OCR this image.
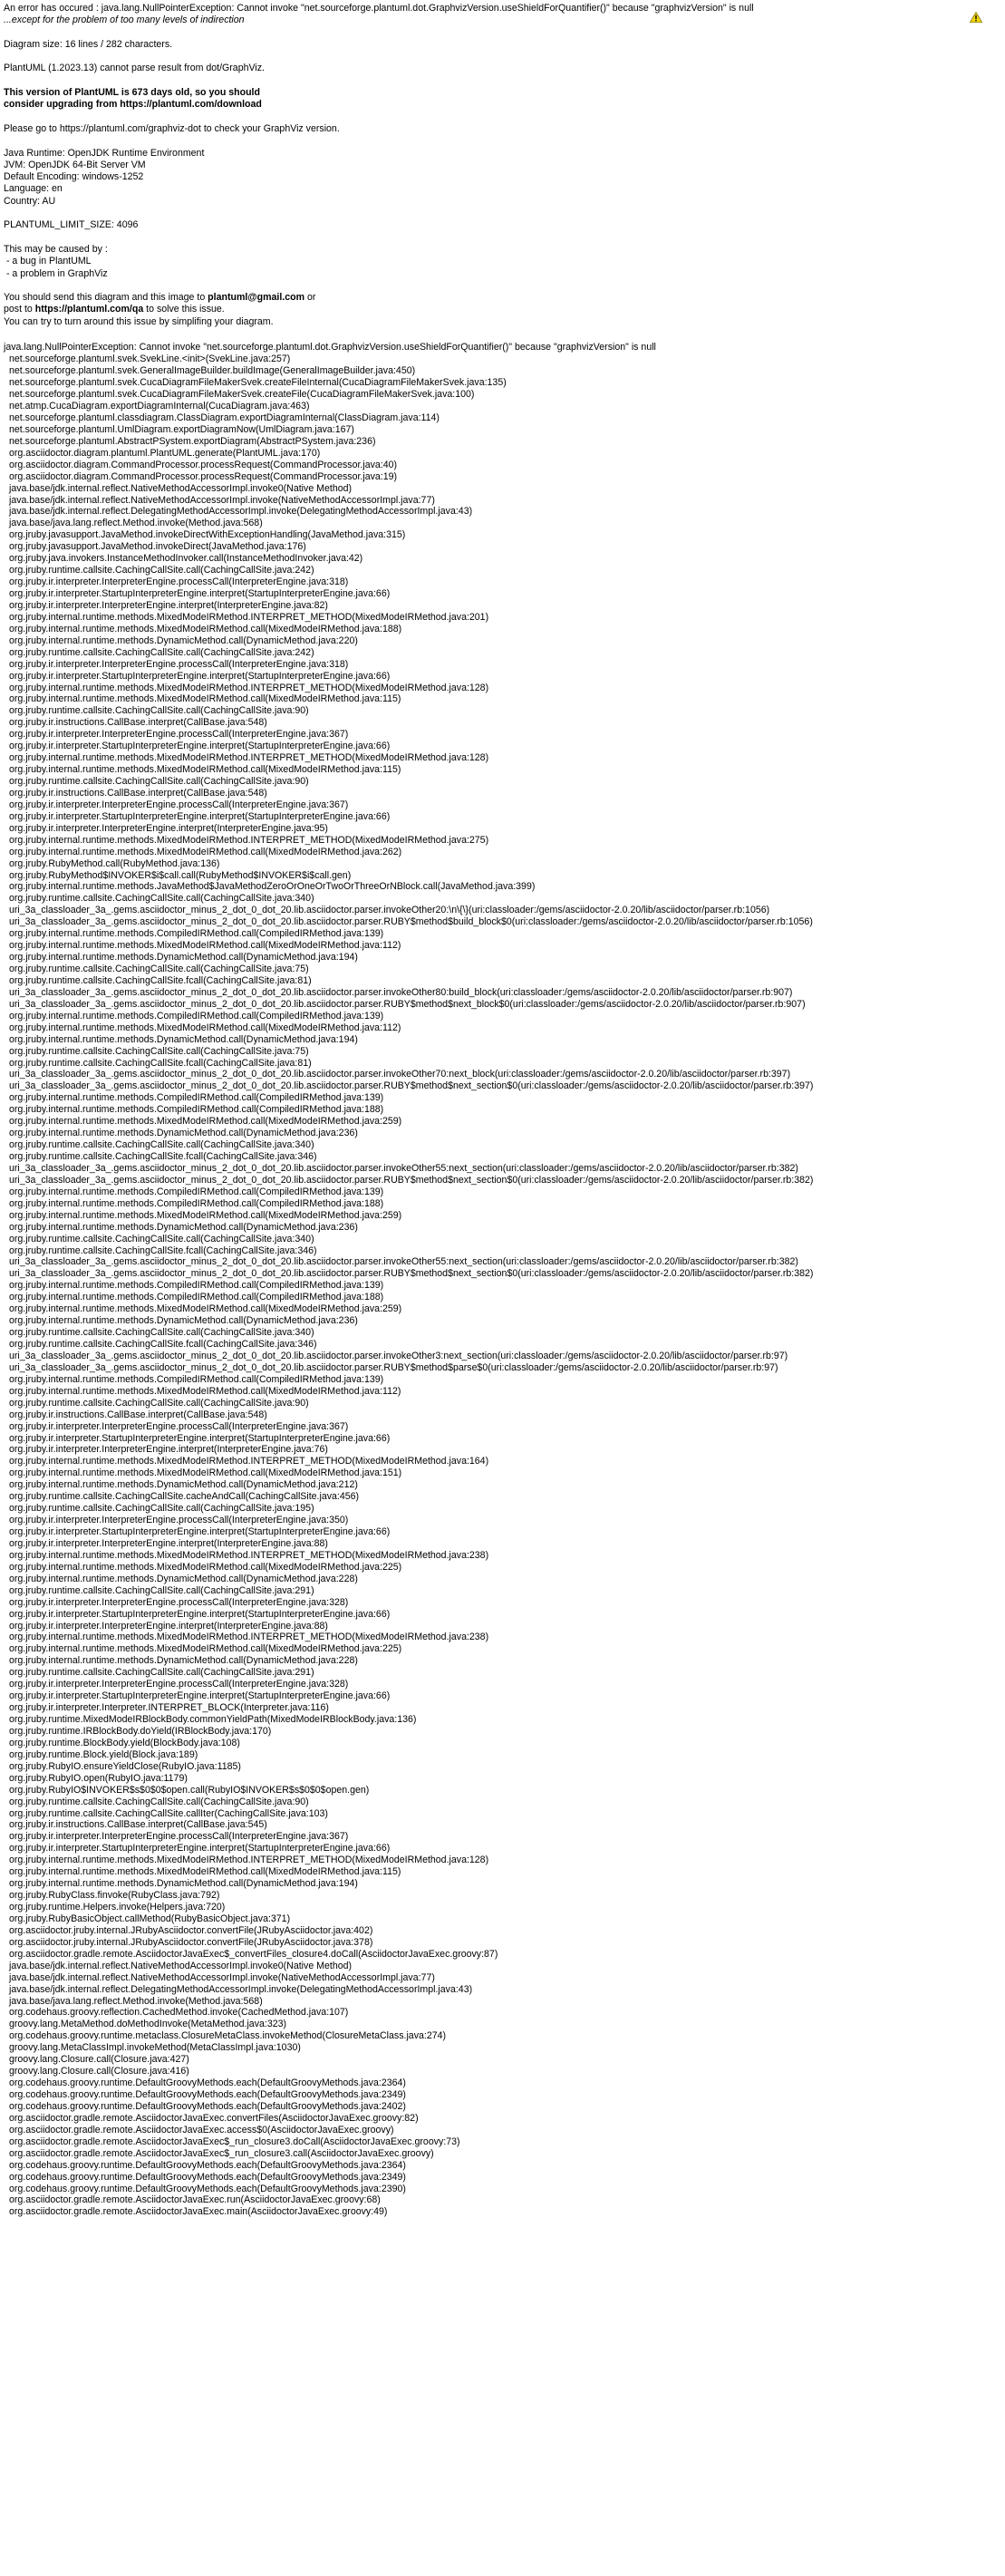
An error has occured : java.lang.NullPointerException: Cannot invoke "net.sourceforge.plantuml.dot.GraphvizVersion.useShieldForQuantifier()" because "graphvizVersion" is null
...except for the problem of too many levels of indirection
Diagram size: 16 lines / 282 characters.
PlantUML (1.2023.13) cannot parse result from dot/GraphViz.
This version of PlantUML is 673 days old, so you should
consider upgrading from https://plantuml.com/download
Please go to https://plantuml.com/graphviz-dot to check your GraphViz version.
Java Runtime: OpenJDK Runtime Environment
JVM: OpenJDK 64-Bit Server VM
Default Encoding: windows-1252
Language: en
Country: AU
PLANTUML_LIMIT_SIZE: 4096
This may be caused by :
- a bug in PlantUML
- a problem in GraphViz
You should send this diagram and this image to plantuml@gmail.com or
post to https://plantuml.com/qa to solve this issue.
You can try to turn around this issue by simplifing your diagram.
java.lang.NullPointerException: Cannot invoke "net.sourceforge.plantuml.dot.GraphvizVersion.useShieldForQuantifier()" because "graphvizVersion" is null
net.sourceforge.plantuml.svek.SvekLine.<init>(SvekLine.java:257)
net.sourceforge.plantuml.svek.GeneralImageBuilder.buildImage(GeneralImageBuilder.java:450)
net.sourceforge.plantuml.svek.CucaDiagramFileMakerSvek.createFileInternal(CucaDiagramFileMakerSvek.java:135)
net.sourceforge.plantuml.svek.CucaDiagramFileMakerSvek.createFile(CucaDiagramFileMakerSvek.java:100)
net.atmp.CucaDiagram.exportDiagramInternal(CucaDiagram.java:463)
net.sourceforge.plantuml.classdiagram.ClassDiagram.exportDiagramInternal(ClassDiagram.java:114)
net.sourceforge.plantuml.UmlDiagram.exportDiagramNow(UmlDiagram.java:167)
net.sourceforge.plantuml.AbstractPSystem.exportDiagram(AbstractPSystem.java:236)
org.asciidoctor.diagram.plantuml.PlantUML.generate(PlantUML.java:170)
org.asciidoctor.diagram.CommandProcessor.processRequest(CommandProcessor.java:40)
org.asciidoctor.diagram.CommandProcessor.processRequest(CommandProcessor.java:19)
java.base/jdk.internal.reflect.NativeMethodAccessorImpl.invoke0(Native Method)
java.base/jdk.internal.reflect.NativeMethodAccessorImpl.invoke(NativeMethodAccessorImpl.java:77)
java.base/jdk.internal.reflect.DelegatingMethodAccessorImpl.invoke(DelegatingMethodAccessorImpl.java:43)
java.base/java.lang.reflect.Method.invoke(Method.java:568)
org.jruby.javasupport.JavaMethod.invokeDirectWithExceptionHandling(JavaMethod.java:315)
org.jruby.javasupport.JavaMethod.invokeDirect(JavaMethod.java:176)
org.jruby.java.invokers.InstanceMethodInvoker.call(InstanceMethodInvoker.java:42)
org.jruby.runtime.callsite.CachingCallSite.call(CachingCallSite.java:242)
org.jruby.ir.interpreter.InterpreterEngine.processCall(InterpreterEngine.java:318)
org.jruby.ir.interpreter.StartupInterpreterEngine.interpret(StartupInterpreterEngine.java:66)
org.jruby.ir.interpreter.InterpreterEngine.interpret(InterpreterEngine.java:82)
org.jruby.internal.runtime.methods.MixedModeIRMethod.INTERPRET_METHOD(MixedModeIRMethod.java:201)
org.jruby.internal.runtime.methods.MixedModeIRMethod.call(MixedModeIRMethod.java:188)
org.jruby.internal.runtime.methods.DynamicMethod.call(DynamicMethod.java:220)
org.jruby.runtime.callsite.CachingCallSite.call(CachingCallSite.java:242)
org.jruby.ir.interpreter.InterpreterEngine.processCall(InterpreterEngine.java:318)
org.jruby.ir.interpreter.StartupInterpreterEngine.interpret(StartupInterpreterEngine.java:66)
org.jruby.internal.runtime.methods.MixedModeIRMethod.INTERPRET_METHOD(MixedModeIRMethod.java:128)
org.jruby.internal.runtime.methods.MixedModeIRMethod.call(MixedModeIRMethod.java:115)
org.jruby.runtime.callsite.CachingCallSite.call(CachingCallSite.java:90)
org.jruby.ir.instructions.CallBase.interpret(CallBase.java:548)
org.jruby.ir.interpreter.InterpreterEngine.processCall(InterpreterEngine.java:367)
org.jruby.ir.interpreter.StartupInterpreterEngine.interpret(StartupInterpreterEngine.java:66)
org.jruby.internal.runtime.methods.MixedModeIRMethod.INTERPRET_METHOD(MixedModeIRMethod.java:128)
org.jruby.internal.runtime.methods.MixedModeIRMethod.call(MixedModeIRMethod.java:115)
org.jruby.runtime.callsite.CachingCallSite.call(CachingCallSite.java:90)
org.jruby.ir.instructions.CallBase.interpret(CallBase.java:548)
org.jruby.ir.interpreter.InterpreterEngine.processCall(InterpreterEngine.java:367)
org.jruby.ir.interpreter.StartupInterpreterEngine.interpret(StartupInterpreterEngine.java:66)
org.jruby.ir.interpreter.InterpreterEngine.interpret(InterpreterEngine.java:95)
org.jruby.internal.runtime.methods.MixedModeIRMethod.INTERPRET_METHOD(MixedModeIRMethod.java:275)
org.jruby.internal.runtime.methods.MixedModeIRMethod.call(MixedModeIRMethod.java:262)
org.jruby.RubyMethod.call(RubyMethod.java:136)
org.jruby.RubyMethod$INVOKER$i$call.call(RubyMethod$INVOKER$i$call.gen)
org.jruby.internal.runtime.methods.JavaMethod$JavaMethodZeroOrOneOrTwoOrThreeOrNBlock.call(JavaMethod.java:399)
org.jruby.runtime.callsite.CachingCallSite.call(CachingCallSite.java:340)
uri_3a_classloader_3a_.gems.asciidoctor_minus_2_dot_0_dot_20.lib.asciidoctor.parser.invokeOther20:\n\{\}(uri:classloader:/gems/asciidoctor-2.0.20/lib/asciidoctor/parser.rb:1056)
uri_3a_classloader_3a_.gems.asciidoctor_minus_2_dot_0_dot_20.lib.asciidoctor.parser.RUBY$method$build_block$0(uri:classloader:/gems/asciidoctor-2.0.20/lib/asciidoctor/parser.rb:1056)
org.jruby.internal.runtime.methods.CompiledIRMethod.call(CompiledIRMethod.java:139)
org.jruby.internal.runtime.methods.MixedModeIRMethod.call(MixedModeIRMethod.java:112)
org.jruby.internal.runtime.methods.DynamicMethod.call(DynamicMethod.java:194)
org.jruby.runtime.callsite.CachingCallSite.call(CachingCallSite.java:75)
org.jruby.runtime.callsite.CachingCallSite.fcall(CachingCallSite.java:81)
uri_3a_classloader_3a_.gems.asciidoctor_minus_2_dot_0_dot_20.lib.asciidoctor.parser.invokeOther80:build_block(uri:classloader:/gems/asciidoctor-2.0.20/lib/asciidoctor/parser.rb:907)
uri_3a_classloader_3a_.gems.asciidoctor_minus_2_dot_0_dot_20.lib.asciidoctor.parser.RUBY$method$next_block$0(uri:classloader:/gems/asciidoctor-2.0.20/lib/asciidoctor/parser.rb:907)
org.jruby.internal.runtime.methods.CompiledIRMethod.call(CompiledIRMethod.java:139)
org.jruby.internal.runtime.methods.MixedModeIRMethod.call(MixedModeIRMethod.java:112)
org.jruby.internal.runtime.methods.DynamicMethod.call(DynamicMethod.java:194)
org.jruby.runtime.callsite.CachingCallSite.call(CachingCallSite.java:75)
org.jruby.runtime.callsite.CachingCallSite.fcall(CachingCallSite.java:81)
uri_3a_classloader_3a_.gems.asciidoctor_minus_2_dot_0_dot_20.lib.asciidoctor.parser.invokeOther70:next_block(uri:classloader:/gems/asciidoctor-2.0.20/lib/asciidoctor/parser.rb:397)
uri_3a_classloader_3a_.gems.asciidoctor_minus_2_dot_0_dot_20.lib.asciidoctor.parser.RUBY$method$next_section$0(uri:classloader:/gems/asciidoctor-2.0.20/lib/asciidoctor/parser.rb:397)
org.jruby.internal.runtime.methods.CompiledIRMethod.call(CompiledIRMethod.java:139)
org.jruby.internal.runtime.methods.CompiledIRMethod.call(CompiledIRMethod.java:188)
org.jruby.internal.runtime.methods.MixedModeIRMethod.call(MixedModeIRMethod.java:259)
org.jruby.internal.runtime.methods.DynamicMethod.call(DynamicMethod.java:236)
org.jruby.runtime.callsite.CachingCallSite.call(CachingCallSite.java:340)
org.jruby.runtime.callsite.CachingCallSite.fcall(CachingCallSite.java:346)
uri_3a_classloader_3a_.gems.asciidoctor_minus_2_dot_0_dot_20.lib.asciidoctor.parser.invokeOther55:next_section(uri:classloader:/gems/asciidoctor-2.0.20/lib/asciidoctor/parser.rb:382)
uri_3a_classloader_3a_.gems.asciidoctor_minus_2_dot_0_dot_20.lib.asciidoctor.parser.RUBY$method$next_section$0(uri:classloader:/gems/asciidoctor-2.0.20/lib/asciidoctor/parser.rb:382)
org.jruby.internal.runtime.methods.CompiledIRMethod.call(CompiledIRMethod.java:139)
org.jruby.internal.runtime.methods.CompiledIRMethod.call(CompiledIRMethod.java:188)
org.jruby.internal.runtime.methods.MixedModeIRMethod.call(MixedModeIRMethod.java:259)
org.jruby.internal.runtime.methods.DynamicMethod.call(DynamicMethod.java:236)
org.jruby.runtime.callsite.CachingCallSite.call(CachingCallSite.java:340)
org.jruby.runtime.callsite.CachingCallSite.fcall(CachingCallSite.java:346)
uri_3a_classloader_3a_.gems.asciidoctor_minus_2_dot_0_dot_20.lib.asciidoctor.parser.invokeOther55:next_section(uri:classloader:/gems/asciidoctor-2.0.20/lib/asciidoctor/parser.rb:382)
uri_3a_classloader_3a_.gems.asciidoctor_minus_2_dot_0_dot_20.lib.asciidoctor.parser.RUBY$method$next_section$0(uri:classloader:/gems/asciidoctor-2.0.20/lib/asciidoctor/parser.rb:382)
org.jruby.internal.runtime.methods.CompiledIRMethod.call(CompiledIRMethod.java:139)
org.jruby.internal.runtime.methods.CompiledIRMethod.call(CompiledIRMethod.java:188)
org.jruby.internal.runtime.methods.MixedModeIRMethod.call(MixedModeIRMethod.java:259)
org.jruby.internal.runtime.methods.DynamicMethod.call(DynamicMethod.java:236)
org.jruby.runtime.callsite.CachingCallSite.call(CachingCallSite.java:340)
org.jruby.runtime.callsite.CachingCallSite.fcall(CachingCallSite.java:346)
uri_3a_classloader_3a_.gems.asciidoctor_minus_2_dot_0_dot_20.lib.asciidoctor.parser.invokeOther3:next_section(uri:classloader:/gems/asciidoctor-2.0.20/lib/asciidoctor/parser.rb:97)
uri_3a_classloader_3a_.gems.asciidoctor_minus_2_dot_0_dot_20.lib.asciidoctor.parser.RUBY$method$parse$0(uri:classloader:/gems/asciidoctor-2.0.20/lib/asciidoctor/parser.rb:97)
org.jruby.internal.runtime.methods.CompiledIRMethod.call(CompiledIRMethod.java:139)
org.jruby.internal.runtime.methods.MixedModeIRMethod.call(MixedModeIRMethod.java:112)
org.jruby.runtime.callsite.CachingCallSite.call(CachingCallSite.java:90)
org.jruby.ir.instructions.CallBase.interpret(CallBase.java:548)
org.jruby.ir.interpreter.InterpreterEngine.processCall(InterpreterEngine.java:367)
org.jruby.ir.interpreter.StartupInterpreterEngine.interpret(StartupInterpreterEngine.java:66)
org.jruby.ir.interpreter.InterpreterEngine.interpret(InterpreterEngine.java:76)
org.jruby.internal.runtime.methods.MixedModeIRMethod.INTERPRET_METHOD(MixedModeIRMethod.java:164)
org.jruby.internal.runtime.methods.MixedModeIRMethod.call(MixedModeIRMethod.java:151)
org.jruby.internal.runtime.methods.DynamicMethod.call(DynamicMethod.java:212)
org.jruby.runtime.callsite.CachingCallSite.cacheAndCall(CachingCallSite.java:456)
org.jruby.runtime.callsite.CachingCallSite.call(CachingCallSite.java:195)
org.jruby.ir.interpreter.InterpreterEngine.processCall(InterpreterEngine.java:350)
org.jruby.ir.interpreter.StartupInterpreterEngine.interpret(StartupInterpreterEngine.java:66)
org.jruby.ir.interpreter.InterpreterEngine.interpret(InterpreterEngine.java:88)
org.jruby.internal.runtime.methods.MixedModeIRMethod.INTERPRET_METHOD(MixedModeIRMethod.java:238)
org.jruby.internal.runtime.methods.MixedModeIRMethod.call(MixedModeIRMethod.java:225)
org.jruby.internal.runtime.methods.DynamicMethod.call(DynamicMethod.java:228)
org.jruby.runtime.callsite.CachingCallSite.call(CachingCallSite.java:291)
org.jruby.ir.interpreter.InterpreterEngine.processCall(InterpreterEngine.java:328)
org.jruby.ir.interpreter.StartupInterpreterEngine.interpret(StartupInterpreterEngine.java:66)
org.jruby.ir.interpreter.InterpreterEngine.interpret(InterpreterEngine.java:88)
org.jruby.internal.runtime.methods.MixedModeIRMethod.INTERPRET_METHOD(MixedModeIRMethod.java:238)
org.jruby.internal.runtime.methods.MixedModeIRMethod.call(MixedModeIRMethod.java:225)
org.jruby.internal.runtime.methods.DynamicMethod.call(DynamicMethod.java:228)
org.jruby.runtime.callsite.CachingCallSite.call(CachingCallSite.java:291)
org.jruby.ir.interpreter.InterpreterEngine.processCall(InterpreterEngine.java:328)
org.jruby.ir.interpreter.StartupInterpreterEngine.interpret(StartupInterpreterEngine.java:66)
org.jruby.ir.interpreter.Interpreter.INTERPRET_BLOCK(Interpreter.java:116)
org.jruby.runtime.MixedModeIRBlockBody.commonYieldPath(MixedModeIRBlockBody.java:136)
org.jruby.runtime.IRBlockBody.doYield(IRBlockBody.java:170)
org.jruby.runtime.BlockBody.yield(BlockBody.java:108)
org.jruby.runtime.Block.yield(Block.java:189)
org.jruby.RubyIO.ensureYieldClose(RubyIO.java:1185)
org.jruby.RubyIO.open(RubyIO.java:1179)
org.jruby.RubyIO$INVOKER$s$0$0$open.call(RubyIO$INVOKER$s$0$0$open.gen)
org.jruby.runtime.callsite.CachingCallSite.call(CachingCallSite.java:90)
org.jruby.runtime.callsite.CachingCallSite.callIter(CachingCallSite.java:103)
org.jruby.ir.instructions.CallBase.interpret(CallBase.java:545)
org.jruby.ir.interpreter.InterpreterEngine.processCall(InterpreterEngine.java:367)
org.jruby.ir.interpreter.StartupInterpreterEngine.interpret(StartupInterpreterEngine.java:66)
org.jruby.internal.runtime.methods.MixedModeIRMethod.INTERPRET_METHOD(MixedModeIRMethod.java:128)
org.jruby.internal.runtime.methods.MixedModeIRMethod.call(MixedModeIRMethod.java:115)
org.jruby.internal.runtime.methods.DynamicMethod.call(DynamicMethod.java:194)
org.jruby.RubyClass.finvoke(RubyClass.java:792)
org.jruby.runtime.Helpers.invoke(Helpers.java:720)
org.jruby.RubyBasicObject.callMethod(RubyBasicObject.java:371)
org.asciidoctor.jruby.internal.JRubyAsciidoctor.convertFile(JRubyAsciidoctor.java:402)
org.asciidoctor.jruby.internal.JRubyAsciidoctor.convertFile(JRubyAsciidoctor.java:378)
org.asciidoctor.gradle.remote.AsciidoctorJavaExec$_convertFiles_closure4.doCall(AsciidoctorJavaExec.groovy:87)
java.base/jdk.internal.reflect.NativeMethodAccessorImpl.invoke0(Native Method)
java.base/jdk.internal.reflect.NativeMethodAccessorImpl.invoke(NativeMethodAccessorImpl.java:77)
java.base/jdk.internal.reflect.DelegatingMethodAccessorImpl.invoke(DelegatingMethodAccessorImpl.java:43)
java.base/java.lang.reflect.Method.invoke(Method.java:568)
org.codehaus.groovy.reflection.CachedMethod.invoke(CachedMethod.java:107)
groovy.lang.MetaMethod.doMethodInvoke(MetaMethod.java:323)
org.codehaus.groovy.runtime.metaclass.ClosureMetaClass.invokeMethod(ClosureMetaClass.java:274)
groovy.lang.MetaClassImpl.invokeMethod(MetaClassImpl.java:1030)
groovy.lang.Closure.call(Closure.java:427)
groovy.lang.Closure.call(Closure.java:416)
org.codehaus.groovy.runtime.DefaultGroovyMethods.each(DefaultGroovyMethods.java:2364)
org.codehaus.groovy.runtime.DefaultGroovyMethods.each(DefaultGroovyMethods.java:2349)
org.codehaus.groovy.runtime.DefaultGroovyMethods.each(DefaultGroovyMethods.java:2402)
org.asciidoctor.gradle.remote.AsciidoctorJavaExec.convertFiles(AsciidoctorJavaExec.groovy:82)
org.asciidoctor.gradle.remote.AsciidoctorJavaExec.access$0(AsciidoctorJavaExec.groovy)
org.asciidoctor.gradle.remote.AsciidoctorJavaExec$_run_closure3.doCall(AsciidoctorJavaExec.groovy:73)
org.asciidoctor.gradle.remote.AsciidoctorJavaExec$_run_closure3.call(AsciidoctorJavaExec.groovy)
org.codehaus.groovy.runtime.DefaultGroovyMethods.each(DefaultGroovyMethods.java:2364)
org.codehaus.groovy.runtime.DefaultGroovyMethods.each(DefaultGroovyMethods.java:2349)
org.codehaus.groovy.runtime.DefaultGroovyMethods.each(DefaultGroovyMethods.java:2390)
org.asciidoctor.gradle.remote.AsciidoctorJavaExec.run(AsciidoctorJavaExec.groovy:68)
org.asciidoctor.gradle.remote.AsciidoctorJavaExec.main(AsciidoctorJavaExec.groovy:49)
